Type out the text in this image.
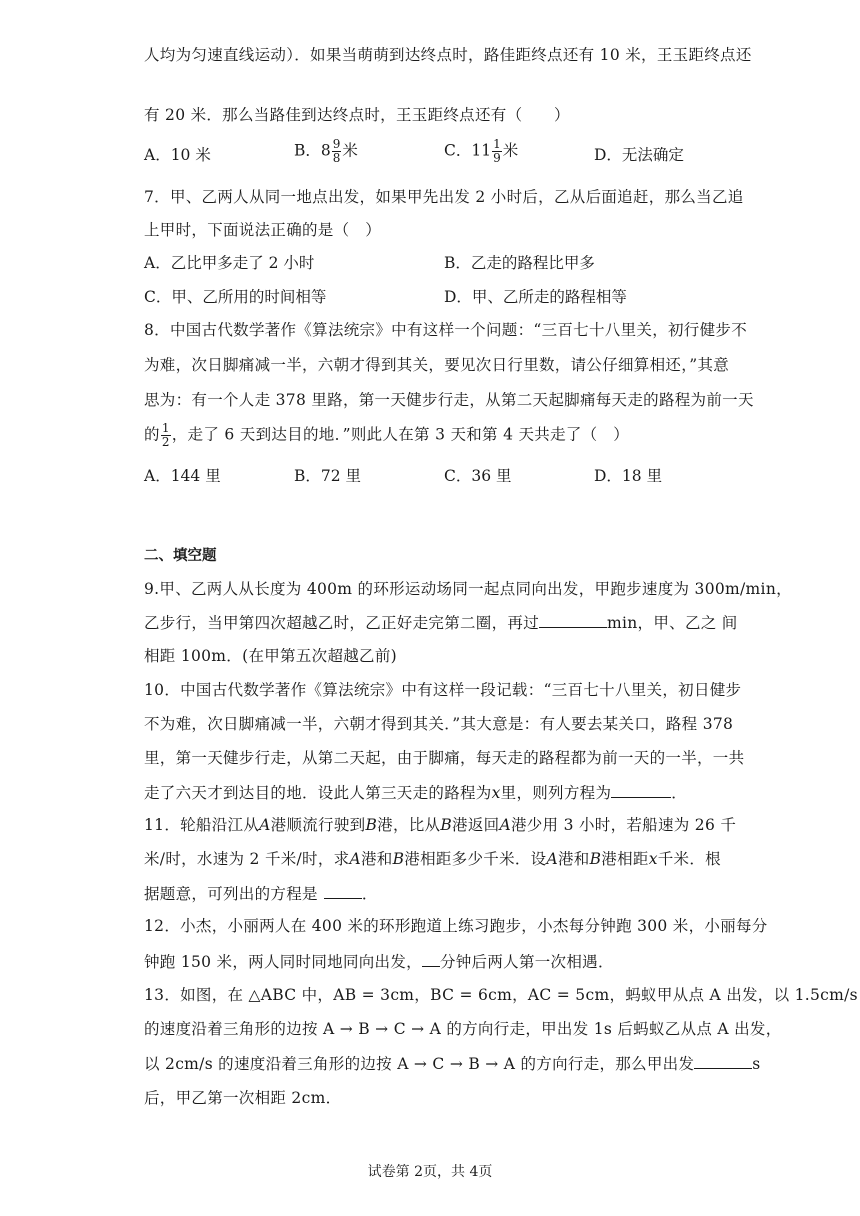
人均为匀速直线运动）．如果当萌萌到达终点时，路佳距终点还有 10 米，王玉距终点还
有 20 米．那么当路佳到达终点时，王玉距终点还有（　　）
A．10 米	B．$8 \frac{9}{8}$ 米	C．$11 \frac{1}{9}$ 米	D．无法确定
7．甲、乙两人从同一地点出发，如果甲先出发 2 小时后，乙从后面追赶，那么当乙追
上甲时，下面说法正确的是（　）
A．乙比甲多走了 2 小时	B．乙走的路程比甲多
C．甲、乙所用的时间相等	D．甲、乙所走的路程相等
8．中国古代数学著作《算法统宗》中有这样一个问题：“三百七十八里关，初行健步不
为难，次日脚痛减一半，六朝才得到其关，要见次日行里数，请公仔细算相还，”其意
思为：有一个人走 378 里路，第一天健步行走，从第二天起脚痛每天走的路程为前一天
的 $\frac{1}{2}$ ，走了 6 天到达目的地．”则此人在第 3 天和第 4 天共走了（　）
A．144 里	B．72 里	C．36 里	D．18 里
二、填空题
9.甲、乙两人从长度为 400m 的环形运动场同一起点同向出发，甲跑步速度为 300m/min，
乙步行，当甲第四次超越乙时，乙正好走完第二圈，再过	min，甲、乙之 间
相距 100m．(在甲第五次超越乙前)
10．中国古代数学著作《算法统宗》中有这样一段记载：“三百七十八里关，初日健步
不为难，次日脚痛减一半，六朝才得到其关．”其大意是：有人要去某关口，路程 378
里，第一天健步行走，从第二天起，由于脚痛，每天走的路程都为前一天的一半，一共
走了六天才到达目的地．设此人第三天走的路程为x里，则列方程为	．
11．轮船沿江从A港顺流行驶到B港，比从B港返回A港少用 3 小时，若船速为 26 千
米/时，水速为 2 千米/时，求A港和B港相距多少千米．设A港和B港相距x千米．根
据题意，可列出的方程是	．
12．小杰，小丽两人在 400 米的环形跑道上练习跑步，小杰每分钟跑 300 米，小丽每分
钟跑 150 米，两人同时同地同向出发， 分钟后两人第一次相遇．
13．如图，在 △ABC 中，AB = 3cm，BC = 6cm，AC = 5cm，蚂蚁甲从点 A 出发，以 1.5cm/s
的速度沿着三角形的边按 A → B → C → A 的方向行走，甲出发 1s 后蚂蚁乙从点 A 出发，
以 2cm/s 的速度沿着三角形的边按 A → C → B → A 的方向行走，那么甲出发	s
后，甲乙第一次相距 2cm．
试卷第 2页，共 4页
